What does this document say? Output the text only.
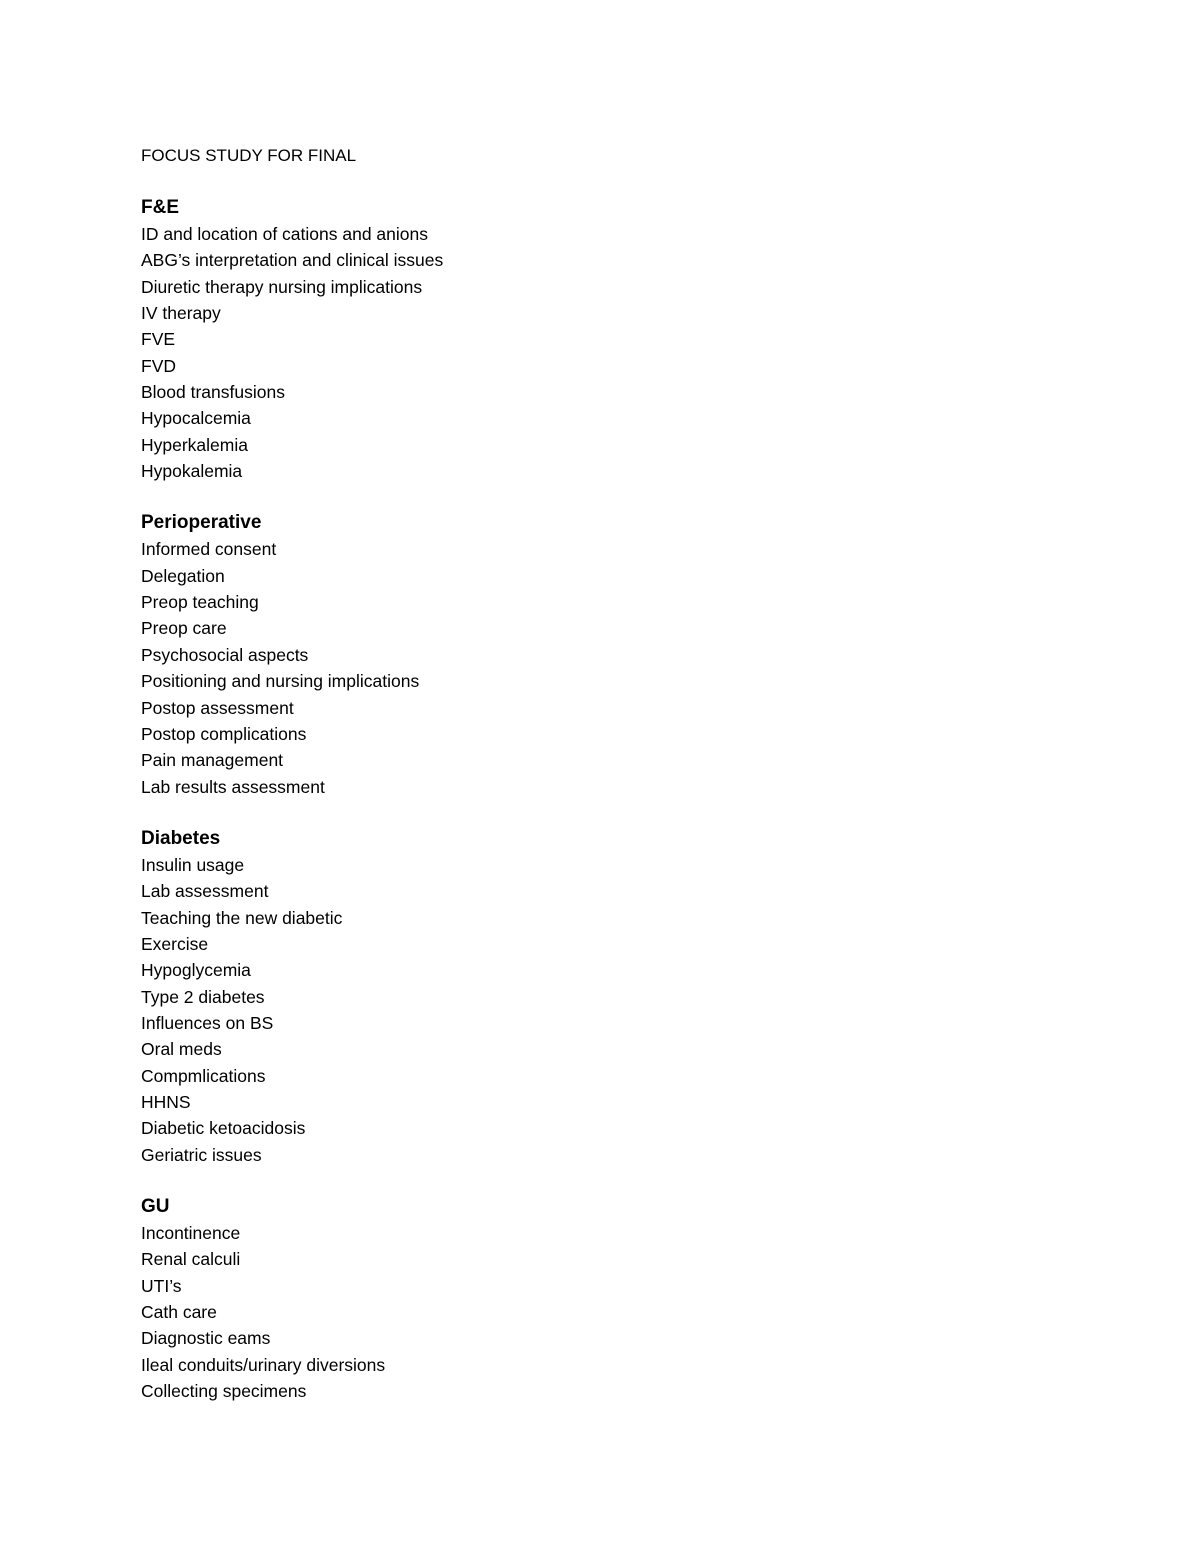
FOCUS STUDY FOR FINAL
F&E
ID and location of cations and anions
ABG’s interpretation and clinical issues
Diuretic therapy nursing implications
IV therapy
FVE
FVD
Blood transfusions
Hypocalcemia
Hyperkalemia
Hypokalemia
Perioperative
Informed consent
Delegation
Preop teaching
Preop care
Psychosocial aspects
Positioning and nursing implications
Postop assessment
Postop complications
Pain management
Lab results assessment
Diabetes
Insulin usage
Lab assessment
Teaching the new diabetic
Exercise
Hypoglycemia
Type 2 diabetes
Influences on BS
Oral meds
Compmlications
HHNS
Diabetic ketoacidosis
Geriatric issues
GU
Incontinence
Renal calculi
UTI’s
Cath care
Diagnostic eams
Ileal conduits/urinary diversions
Collecting specimens
